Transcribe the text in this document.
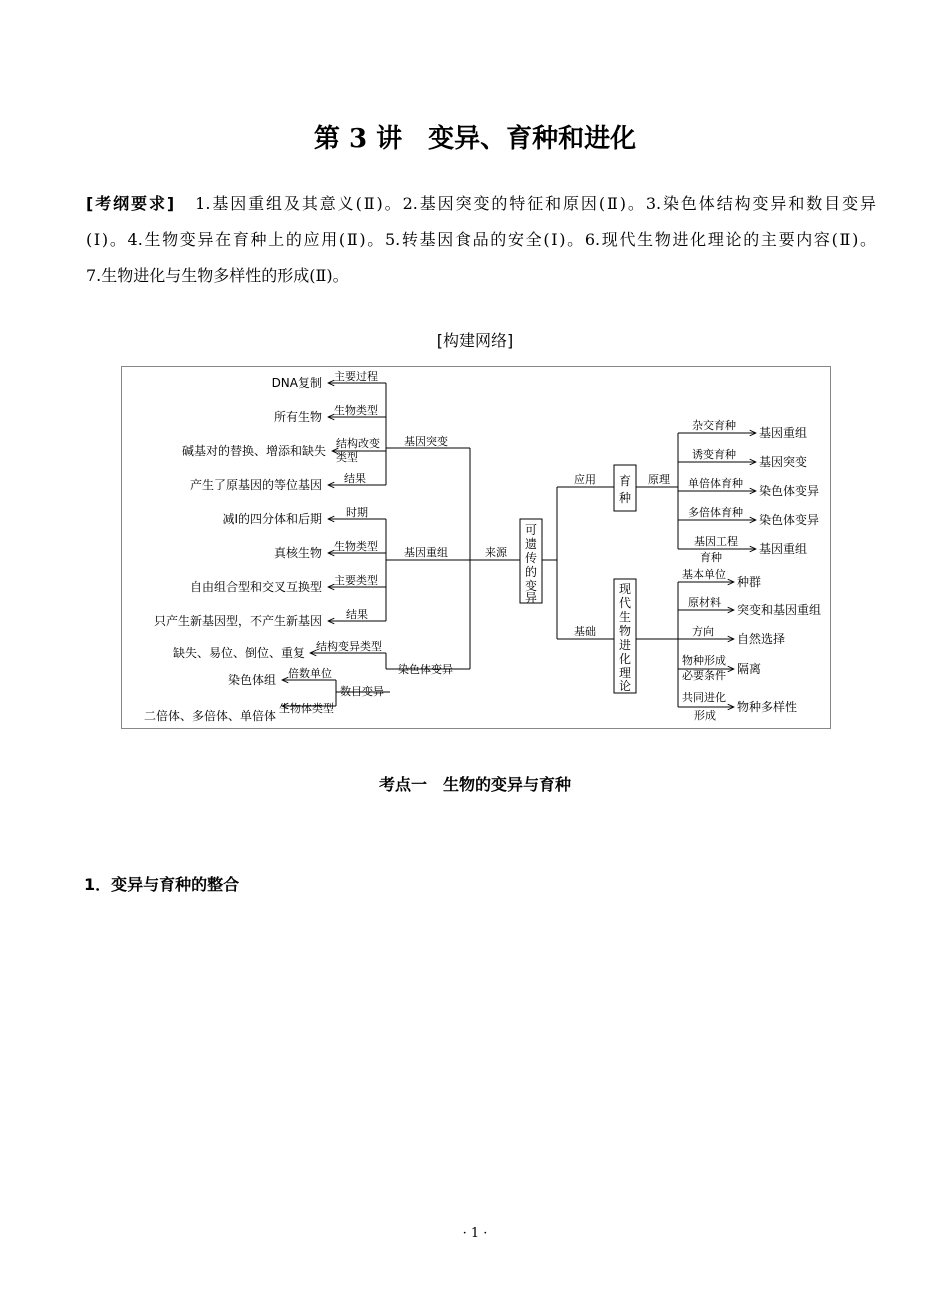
第 3 讲　变异、育种和进化
[考纲要求] 1.基因重组及其意义(Ⅱ)。2.基因突变的特征和原因(Ⅱ)。3.染色体结构变异和数目变异
(Ⅰ)。4.生物变异在育种上的应用(Ⅱ)。5.转基因食品的安全(Ⅰ)。6.现代生物进化理论的主要内容(Ⅱ)。
7.生物进化与生物多样性的形成(Ⅱ)。
[构建网络]
可
遗
传
的
变
异
育
种
现
代
生
物
进
化
理
论
基因突变
主要过程
DNA复制
生物类型
所有生物
结构改变
类型
碱基对的替换、增添和缺失
结果
产生了原基因的等位基因
基因重组
时期
减Ⅰ的四分体和后期
生物类型
真核生物
主要类型
自由组合型和交叉互换型
结果
只产生新基因型，不产生新基因
染色体变异
结构变异类型
缺失、易位、倒位、重复
数目变异
倍数单位
染色体组
生物体类型
二倍体、多倍体、单倍体
来源
应用
基础
原理
杂交育种
基因重组
诱变育种
基因突变
单倍体育种
染色体变异
多倍体育种
染色体变异
基因工程
育种
基因重组
基本单位
种群
原材料
突变和基因重组
方向
自然选择
物种形成
必要条件 隔离
共同进化
形成
物种多样性
考点一　生物的变异与育种
1．变异与育种的整合
· 1 ·
